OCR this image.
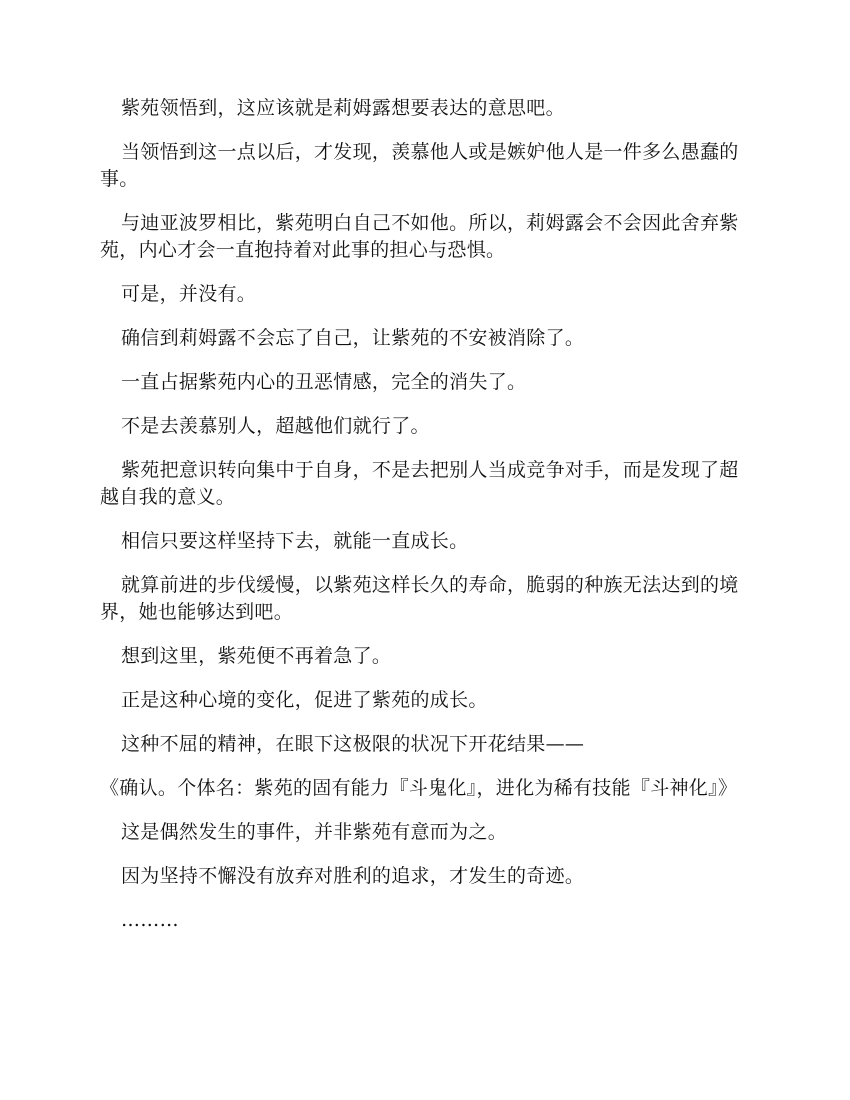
紫苑领悟到，这应该就是莉姆露想要表达的意思吧。

当领悟到这一点以后，才发现，羡慕他人或是嫉妒他人是一件多么愚蠢的事。

与迪亚波罗相比，紫苑明白自己不如他。所以，莉姆露会不会因此舍弃紫苑，内心才会一直抱持着对此事的担心与恐惧。

可是，并没有。

确信到莉姆露不会忘了自己，让紫苑的不安被消除了。

一直占据紫苑内心的丑恶情感，完全的消失了。

不是去羡慕别人，超越他们就行了。

紫苑把意识转向集中于自身，不是去把别人当成竞争对手，而是发现了超越自我的意义。

相信只要这样坚持下去，就能一直成长。

就算前进的步伐缓慢，以紫苑这样长久的寿命，脆弱的种族无法达到的境界，她也能够达到吧。

想到这里，紫苑便不再着急了。

正是这种心境的变化，促进了紫苑的成长。

这种不屈的精神，在眼下这极限的状况下开花结果——

《确认。个体名：紫苑的固有能力『斗鬼化』，进化为稀有技能『斗神化』》

这是偶然发生的事件，并非紫苑有意而为之。

因为坚持不懈没有放弃对胜利的追求，才发生的奇迹。

………
